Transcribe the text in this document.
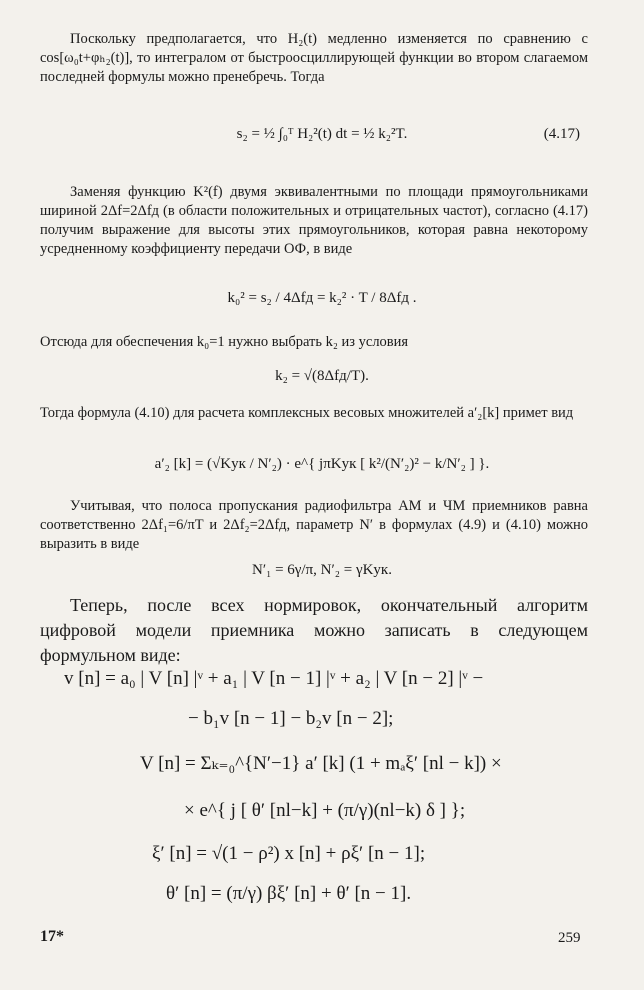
Поскольку предполагается, что H₂(t) медленно изменяется по сравнению с cos[ω₀t+φₕ₂(t)], то интегралом от быстроосциллирующей функции во втором слагаемом последней формулы можно пренебречь. Тогда

s₂ = ½ ∫₀ᵀ H₂²(t) dt = ½ k₂²T.	(4.17)

Заменяя функцию K²(f) двумя эквивалентными по площади прямоугольниками шириной 2Δf=2Δfд (в области положительных и отрицательных частот), согласно (4.17) получим выражение для высоты этих прямоугольников, которая равна некоторому усредненному коэффициенту передачи ОФ, в виде

k₀² = s₂ / 4Δfд = k₂² · T / 8Δfд .

Отсюда для обеспечения k₀=1 нужно выбрать k₂ из условия

k₂ = √(8Δfд/T).

Тогда формула (4.10) для расчета комплексных весовых множителей a′₂[k] примет вид

a′₂ [k] = (√Kук / N′₂) · e^{ jπKук [ k²/(N′₂)² − k/N′₂ ] }.

Учитывая, что полоса пропускания радиофильтра АМ и ЧМ приемников равна соответственно 2Δf₁=6/πT и 2Δf₂=2Δfд, параметр N′ в формулах (4.9) и (4.10) можно выразить в виде

N′₁ = 6γ/π, N′₂ = γKук.

Теперь, после всех нормировок, окончательный алгоритм цифровой модели приемника можно записать в следующем формульном виде:

v [n] = a₀ | V [n] |ᵛ + a₁ | V [n − 1] |ᵛ + a₂ | V [n − 2] |ᵛ −
− b₁v [n − 1] − b₂v [n − 2];
V [n] = Σₖ₌₀^{N′−1} a′ [k] (1 + mₐξ′ [nl − k]) ×
× e^{ j [ θ′ [nl−k] + (π/γ)(nl−k) δ ] };
ξ′ [n] = √(1 − ρ²) x [n] + ρξ′ [n − 1];
θ′ [n] = (π/γ) βξ′ [n] + θ′ [n − 1].
17*	259
